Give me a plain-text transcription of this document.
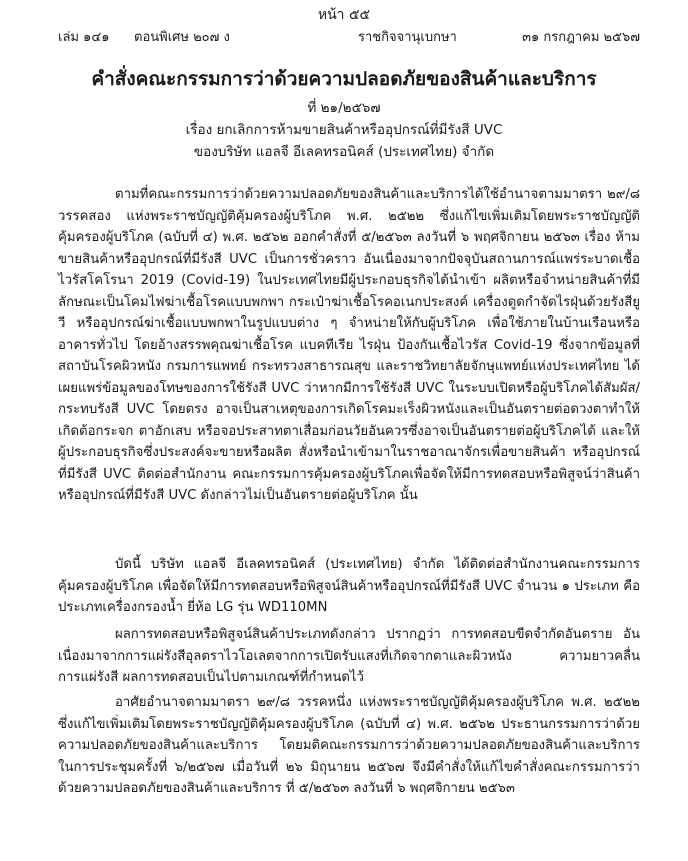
หน้า ๕๕
เล่ม ๑๔๑ ตอนพิเศษ ๒๐๗ ง	ราชกิจจานุเบกษา	๓๑ กรกฎาคม ๒๕๖๗
คำสั่งคณะกรรมการว่าด้วยความปลอดภัยของสินค้าและบริการ
ที่ ๒๑/๒๕๖๗
เรื่อง ยกเลิกการห้ามขายสินค้าหรืออุปกรณ์ที่มีรังสี UVC
ของบริษัท แอลจี อีเลคทรอนิคส์ (ประเทศไทย) จำกัด

ตามที่คณะกรรมการว่าด้วยความปลอดภัยของสินค้าและบริการได้ใช้อำนาจตามมาตรา ๒๙/๘ วรรคสอง แห่งพระราชบัญญัติคุ้มครองผู้บริโภค พ.ศ. ๒๕๒๒ ซึ่งแก้ไขเพิ่มเติมโดยพระราชบัญญัติคุ้มครองผู้บริโภค (ฉบับที่ ๔) พ.ศ. ๒๕๖๒ ออกคำสั่งที่ ๕/๒๕๖๓ ลงวันที่ ๖ พฤศจิกายน ๒๕๖๓ เรื่อง ห้ามขายสินค้าหรืออุปกรณ์ที่มีรังสี UVC เป็นการชั่วคราว อันเนื่องมาจากปัจจุบันสถานการณ์แพร่ระบาดเชื้อไวรัสโคโรนา 2019 (Covid-19) ในประเทศไทยมีผู้ประกอบธุรกิจได้นำเข้า ผลิตหรือจำหน่ายสินค้าที่มีลักษณะเป็นโคมไฟฆ่าเชื้อโรคแบบพกพา กระเป๋าฆ่าเชื้อโรคอเนกประสงค์ เครื่องดูดกำจัดไรฝุ่นด้วยรังสียูวี หรืออุปกรณ์ฆ่าเชื้อแบบพกพาในรูปแบบต่าง ๆ จำหน่ายให้กับผู้บริโภค เพื่อใช้ภายในบ้านเรือนหรืออาคารทั่วไป โดยอ้างสรรพคุณฆ่าเชื้อโรค แบคทีเรีย ไรฝุ่น ป้องกันเชื้อไวรัส Covid-19 ซึ่งจากข้อมูลที่สถาบันโรคผิวหนัง กรมการแพทย์ กระทรวงสาธารณสุข และราชวิทยาลัยจักษุแพทย์แห่งประเทศไทย ได้เผยแพร่ข้อมูลของโทษของการใช้รังสี UVC ว่าหากมีการใช้รังสี UVC ในระบบเปิดหรือผู้บริโภคได้สัมผัส/กระทบรังสี UVC โดยตรง อาจเป็นสาเหตุของการเกิดโรคมะเร็งผิวหนังและเป็นอันตรายต่อดวงตาทำให้เกิดต้อกระจก ตาอักเสบ หรือจอประสาทตาเสื่อมก่อนวัยอันควรซึ่งอาจเป็นอันตรายต่อผู้บริโภคได้ และให้ผู้ประกอบธุรกิจซึ่งประสงค์จะขายหรือผลิต สั่งหรือนำเข้ามาในราชอาณาจักรเพื่อขายสินค้า หรืออุปกรณ์ที่มีรังสี UVC ติดต่อสำนักงาน คณะกรรมการคุ้มครองผู้บริโภคเพื่อจัดให้มีการทดสอบหรือพิสูจน์ว่าสินค้าหรืออุปกรณ์ที่มีรังสี UVC ดังกล่าวไม่เป็นอันตรายต่อผู้บริโภค นั้น

บัดนี้ บริษัท แอลจี อีเลคทรอนิคส์ (ประเทศไทย) จำกัด ได้ติดต่อสำนักงานคณะกรรมการคุ้มครองผู้บริโภค เพื่อจัดให้มีการทดสอบหรือพิสูจน์สินค้าหรืออุปกรณ์ที่มีรังสี UVC จำนวน ๑ ประเภท คือ ประเภทเครื่องกรองน้ำ ยี่ห้อ LG รุ่น WD110MN

ผลการทดสอบหรือพิสูจน์สินค้าประเภทดังกล่าว ปรากฏว่า การทดสอบขีดจำกัดอันตราย อันเนื่องมาจากการแผ่รังสีอุลตราไวโอเลตจากการเปิดรับแสงที่เกิดจากตาและผิวหนัง ความยาวคลื่นการแผ่รังสี ผลการทดสอบเป็นไปตามเกณฑ์ที่กำหนดไว้

อาศัยอำนาจตามมาตรา ๒๙/๘ วรรคหนึ่ง แห่งพระราชบัญญัติคุ้มครองผู้บริโภค พ.ศ. ๒๕๒๒ ซึ่งแก้ไขเพิ่มเติมโดยพระราชบัญญัติคุ้มครองผู้บริโภค (ฉบับที่ ๔) พ.ศ. ๒๕๖๒ ประธานกรรมการว่าด้วยความปลอดภัยของสินค้าและบริการ โดยมติคณะกรรมการว่าด้วยความปลอดภัยของสินค้าและบริการ ในการประชุมครั้งที่ ๖/๒๕๖๗ เมื่อวันที่ ๒๖ มิถุนายน ๒๕๖๗ จึงมีคำสั่งให้แก้ไขคำสั่งคณะกรรมการว่าด้วยความปลอดภัยของสินค้าและบริการ ที่ ๕/๒๕๖๓ ลงวันที่ ๖ พฤศจิกายน ๒๕๖๓
